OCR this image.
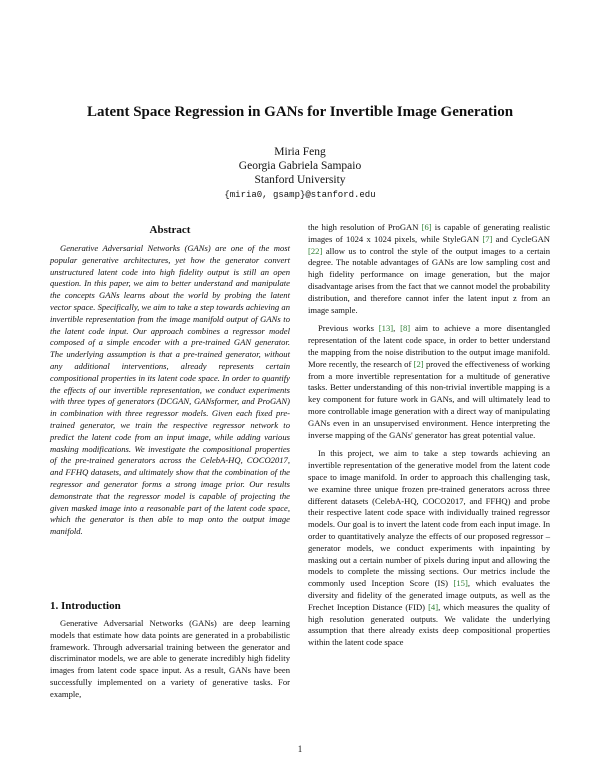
Latent Space Regression in GANs for Invertible Image Generation
Miria Feng
Georgia Gabriela Sampaio
Stanford University
{miria0, gsamp}@stanford.edu
Abstract
Generative Adversarial Networks (GANs) are one of the most popular generative architectures, yet how the generator convert unstructured latent code into high fidelity output is still an open question. In this paper, we aim to better understand and manipulate the concepts GANs learns about the world by probing the latent vector space. Specifically, we aim to take a step towards achieving an invertible representation from the image manifold output of GANs to the latent code input. Our approach combines a regressor model composed of a simple encoder with a pre-trained GAN generator. The underlying assumption is that a pre-trained generator, without any additional interventions, already represents certain compositional properties in its latent code space. In order to quantify the effects of our invertible representation, we conduct experiments with three types of generators (DCGAN, GANsformer, and ProGAN) in combination with three regressor models. Given each fixed pre-trained generator, we train the respective regressor network to predict the latent code from an input image, while adding various masking modifications. We investigate the compositional properties of the pre-trained generators across the CelebA-HQ, COCO2017, and FFHQ datasets, and ultimately show that the combination of the regressor and generator forms a strong image prior. Our results demonstrate that the regressor model is capable of projecting the given masked image into a reasonable part of the latent code space, which the generator is then able to map onto the output image manifold.
1. Introduction
Generative Adversarial Networks (GANs) are deep learning models that estimate how data points are generated in a probabilistic framework. Through adversarial training between the generator and discriminator models, we are able to generate incredibly high fidelity images from latent code space input. As a result, GANs have been successfully implemented on a variety of generative tasks. For example,

the high resolution of ProGAN [6] is capable of generating realistic images of 1024 x 1024 pixels, while StyleGAN [7] and CycleGAN [22] allow us to control the style of the output images to a certain degree. The notable advantages of GANs are low sampling cost and high fidelity performance on image generation, but the major disadvantage arises from the fact that we cannot model the probability distribution, and therefore cannot infer the latent input z from an image sample.

Previous works [13], [8] aim to achieve a more disentangled representation of the latent code space, in order to better understand the mapping from the noise distribution to the output image manifold. More recently, the research of [2] proved the effectiveness of working from a more invertible representation for a multitude of generative tasks. Better understanding of this non-trivial invertible mapping is a key component for future work in GANs, and will ultimately lead to more controllable image generation with a direct way of manipulating GANs even in an unsupervised environment. Hence interpreting the inverse mapping of the GANs' generator has great potential value.

In this project, we aim to take a step towards achieving an invertible representation of the generative model from the latent code space to image manifold. In order to approach this challenging task, we examine three unique frozen pre-trained generators across three different datasets (CelebA-HQ, COCO2017, and FFHQ) and probe their respective latent code space with individually trained regressor models. Our goal is to invert the latent code from each input image. In order to quantitatively analyze the effects of our proposed regressor – generator models, we conduct experiments with inpainting by masking out a certain number of pixels during input and allowing the models to complete the missing sections. Our metrics include the commonly used Inception Score (IS) [15], which evaluates the diversity and fidelity of the generated image outputs, as well as the Frechet Inception Distance (FID) [4], which measures the quality of high resolution generated outputs. We validate the underlying assumption that there already exists deep compositional properties within the latent code space

1
